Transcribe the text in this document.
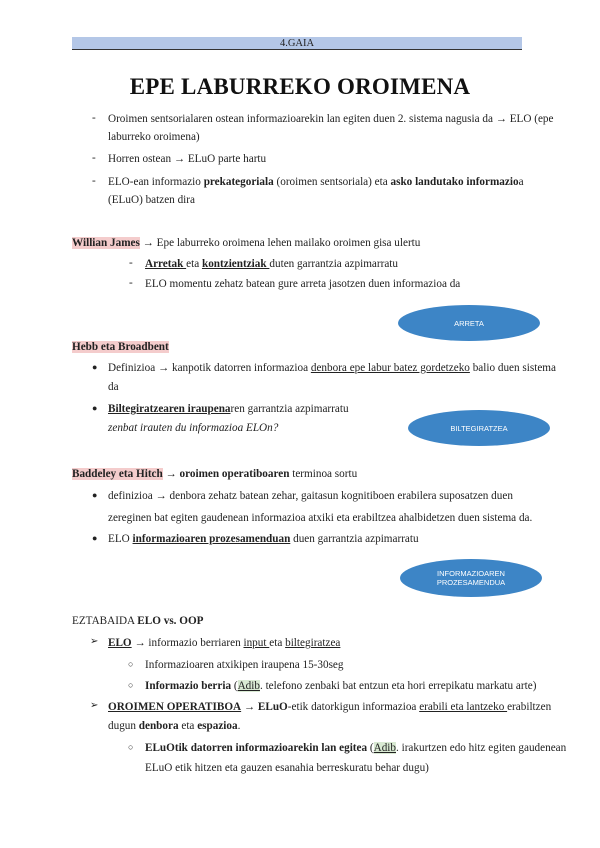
4.GAIA
EPE LABURREKO OROIMENA
- Oroimen sentsorialaren ostean informazioarekin lan egiten duen 2. sistema nagusia da → ELO (epe
laburreko oroimena)
- Horren ostean → ELuO parte hartu
- ELO-ean informazio prekategoriala (oroimen sentsoriala) eta asko landutako informazioa
(ELuO) batzen dira
Willian James → Epe laburreko oroimena lehen mailako oroimen gisa ulertu
- Arretak eta kontzientziak duten garrantzia azpimarratu
- ELO momentu zehatz batean gure arreta jasotzen duen informazioa da
ARRETA
Hebb eta Broadbent
● Definizioa → kanpotik datorren informazioa denbora epe labur batez gordetzeko balio duen sistema
da
● Biltegiratzearen iraupenaren garrantzia azpimarratu
zenbat irauten du informazioa ELOn?	BILTEGIRATZEA
Baddeley eta Hitch → oroimen operatiboaren terminoa sortu
● definizioa → denbora zehatz batean zehar, gaitasun kognitiboen erabilera suposatzen duen
zereginen bat egiten gaudenean informazioa atxiki eta erabiltzea ahalbidetzen duen sistema da.
● ELO informazioaren prozesamenduan duen garrantzia azpimarratu
INFORMAZIOAREN
PROZESAMENDUA
EZTABAIDA ELO vs. OOP
➢ ELO → informazio berriaren input eta biltegiratzea
○ Informazioaren atxikipen iraupena 15-30seg
○ Informazio berria (Adib. telefono zenbaki bat entzun eta hori errepikatu markatu arte)
➢ OROIMEN OPERATIBOA → ELuO-etik datorkigun informazioa erabili eta lantzeko erabiltzen
dugun denbora eta espazioa.
○ ELuOtik datorren informazioarekin lan egitea (Adib. irakurtzen edo hitz egiten gaudenean
ELuO etik hitzen eta gauzen esanahia berreskuratu behar dugu)
